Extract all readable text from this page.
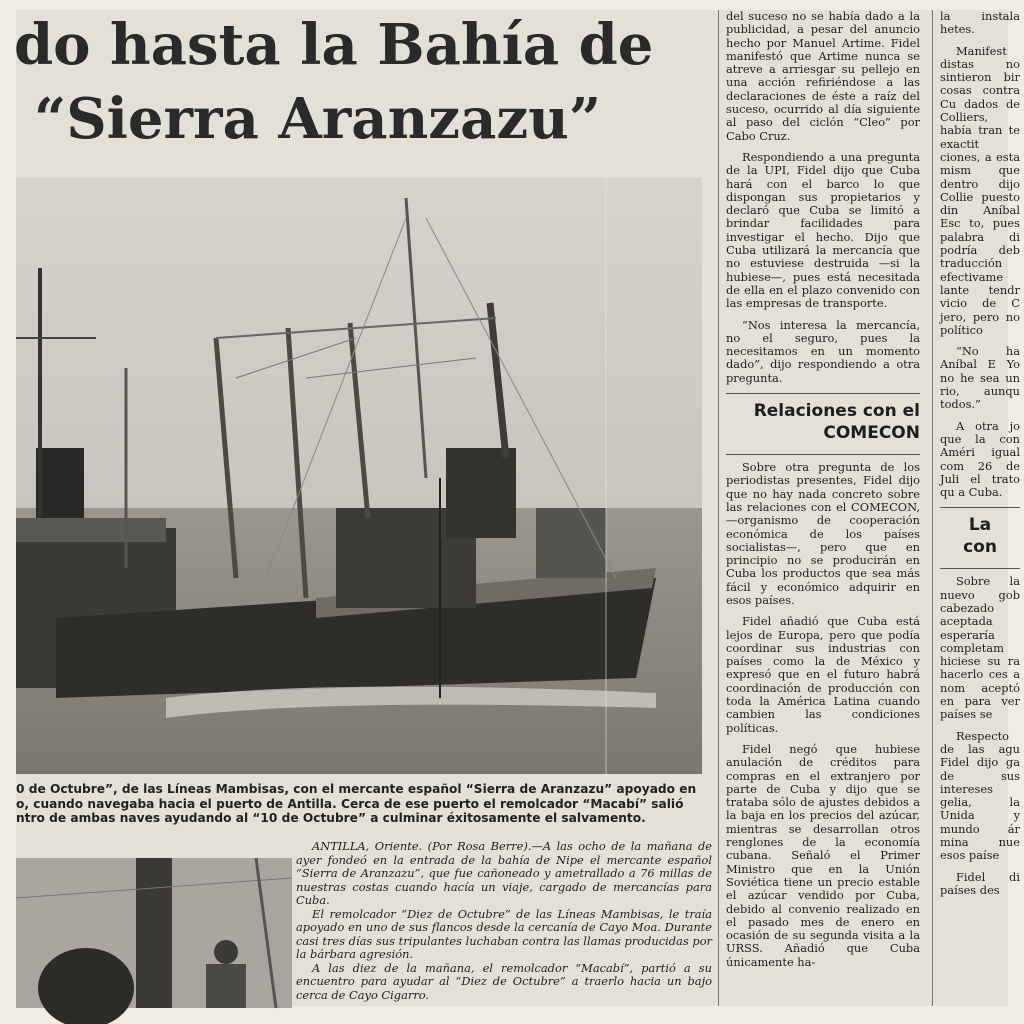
do hasta la Bahía de
“Sierra Aranzazu”
0 de Octubre”, de las Líneas Mambisas, con el mercante español “Sierra de Aranzazu” apoyado en
o, cuando navegaba hacia el puerto de Antilla. Cerca de ese puerto el remolcador “Macabí” salió
ntro de ambas naves ayudando al “10 de Octubre” a culminar éxitosamente el salvamento.

ANTILLA, Oriente. (Por Rosa Berre).—A las ocho de la mañana de ayer fondeó en la entrada de la bahía de Nipe el mercante español “Sierra de Aranzazu”, que fue cañoneado y ametrallado a 76 millas de nuestras costas cuando hacía un viaje, cargado de mercancías para Cuba.

El remolcador “Diez de Octubre” de las Líneas Mambisas, le traía apoyado en uno de sus flancos desde la cercanía de Cayo Moa. Durante casi tres días sus tripulantes luchaban contra las llamas producidas por la bárbara agresión.

A las diez de la mañana, el remolcador “Macabí”, partió a su encuentro para ayudar al “Diez de Octubre” a traerlo hacia un bajo cerca de Cayo Cigarro.

del suceso no se había dado a la publicidad, a pesar del anuncio hecho por Manuel Artime. Fidel manifestó que Artime nunca se atreve a arriesgar su pellejo en una acción refiriéndose a las declaraciones de éste a raíz del suceso, ocurrido al día siguiente al paso del ciclón “Cleo” por Cabo Cruz.

Respondiendo a una pregunta de la UPI, Fidel dijo que Cuba hará con el barco lo que dispongan sus propietarios y declaró que Cuba se limitó a brindar facilidades para investigar el hecho. Dijo que Cuba utilizará la mercancía que no estuviese destruida —si la hubiese—, pues está necesitada de ella en el plazo convenido con las empresas de transporte.

“Nos interesa la mercancía, no el seguro, pues la necesitamos en un momento dado”, dijo respondiendo a otra pregunta.

Relaciones con el
COMECON

Sobre otra pregunta de los periodistas presentes, Fidel dijo que no hay nada concreto sobre las relaciones con el COMECON, —organismo de cooperación económica de los países socialistas—, pero que en principio no se producirán en Cuba los productos que sea más fácil y económico adquirir en esos países.

Fidel añadió que Cuba está lejos de Europa, pero que podía coordinar sus industrias con países como la de México y expresó que en el futuro habrá coordinación de producción con toda la América Latina cuando cambien las condiciones políticas.

Fidel negó que hubiese anulación de créditos para compras en el extranjero por parte de Cuba y dijo que se trataba sólo de ajustes debidos a la baja en los precios del azúcar, mientras se desarrollan otros renglones de la economía cubana. Señaló el Primer Ministro que en la Unión Soviética tiene un precio estable el azúcar vendido por Cuba, debido al convenio realizado en el pasado mes de enero en ocasión de su segunda visita a la URSS. Añadió que Cuba únicamente ha-

la instala hetes.

Manifest distas no sintieron bir cosas contra Cu dados de Colliers, había tran te exactit ciones, a esta mism que dentro dijo Collie puesto din Aníbal Esc to, pues palabra di podría deb traducción efectivame lante tendr vicio de C jero, pero no político

“No ha Aníbal E Yo no he sea un rio, aunqu todos.”

A otra jo que la con Améri igual com 26 de Juli el trato qu a Cuba.

La
con

Sobre la nuevo gob cabezado aceptada esperaría completam hiciese su ra hacerlo ces a nom aceptó en para ver países se

Respecto de las agu Fidel dijo ga de sus intereses gelia, la Unida y mundo ár mina nue esos paíse

Fidel di países des
